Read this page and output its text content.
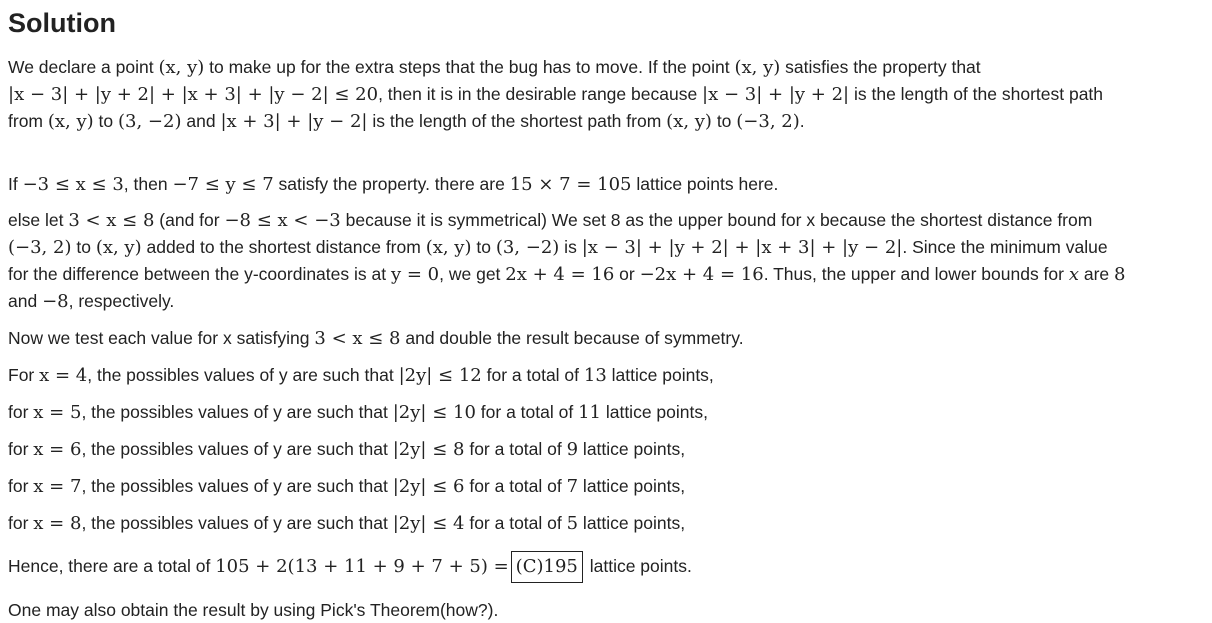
Solution

We declare a point (x, y) to make up for the extra steps that the bug has to move. If the point (x, y) satisfies the property that
|x − 3| + |y + 2| + |x + 3| + |y − 2| ≤ 20, then it is in the desirable range because |x − 3| + |y + 2| is the length of the shortest path
from (x, y) to (3, −2) and |x + 3| + |y − 2| is the length of the shortest path from (x, y) to (−3, 2).

If −3 ≤ x ≤ 3, then −7 ≤ y ≤ 7 satisfy the property. there are 15 × 7 = 105 lattice points here.

else let 3 < x ≤ 8 (and for −8 ≤ x < −3 because it is symmetrical) We set 8 as the upper bound for x because the shortest distance from
(−3, 2) to (x, y) added to the shortest distance from (x, y) to (3, −2) is |x − 3| + |y + 2| + |x + 3| + |y − 2|. Since the minimum value
for the difference between the y-coordinates is at y = 0, we get 2x + 4 = 16 or −2x + 4 = 16. Thus, the upper and lower bounds for x are 8
and −8, respectively.

Now we test each value for x satisfying 3 < x ≤ 8 and double the result because of symmetry.

For x = 4, the possibles values of y are such that |2y| ≤ 12 for a total of 13 lattice points,

for x = 5, the possibles values of y are such that |2y| ≤ 10 for a total of 11 lattice points,

for x = 6, the possibles values of y are such that |2y| ≤ 8 for a total of 9 lattice points,

for x = 7, the possibles values of y are such that |2y| ≤ 6 for a total of 7 lattice points,

for x = 8, the possibles values of y are such that |2y| ≤ 4 for a total of 5 lattice points,

Hence, there are a total of 105 + 2(13 + 11 + 9 + 7 + 5) = (C)195 lattice points.

One may also obtain the result by using Pick's Theorem(how?).
